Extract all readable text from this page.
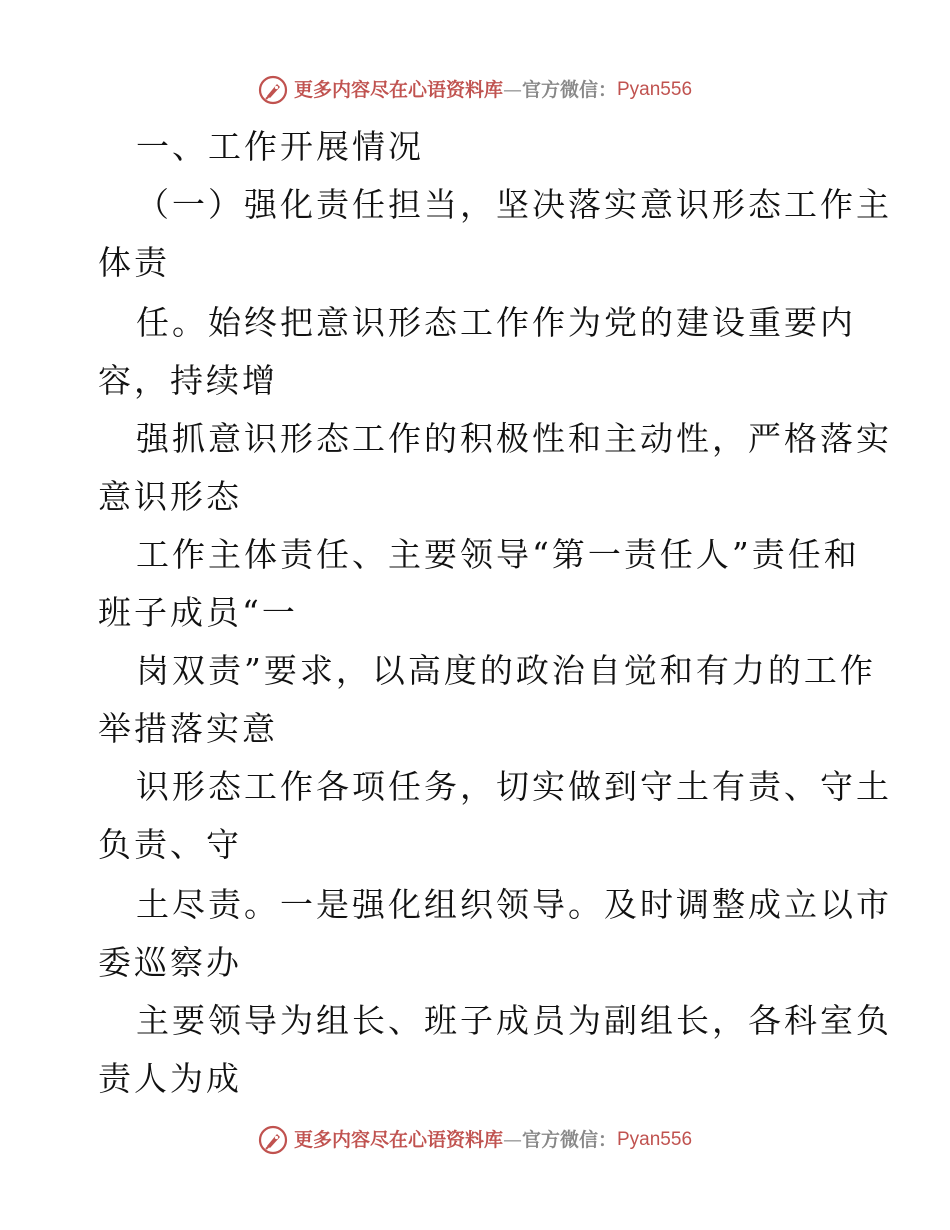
更多内容尽在心语资料库 — 官方微信： Pyan556
一、工作开展情况
（一）强化责任担当，坚决落实意识形态工作主
体责
任。始终把意识形态工作作为党的建设重要内
容，持续增
强抓意识形态工作的积极性和主动性，严格落实
意识形态
工作主体责任、主要领导“第一责任人”责任和
班子成员“一
岗双责”要求，以高度的政治自觉和有力的工作
举措落实意
识形态工作各项任务，切实做到守土有责、守土
负责、守
土尽责。一是强化组织领导。及时调整成立以市
委巡察办
主要领导为组长、班子成员为副组长，各科室负
责人为成
更多内容尽在心语资料库 — 官方微信： Pyan556
